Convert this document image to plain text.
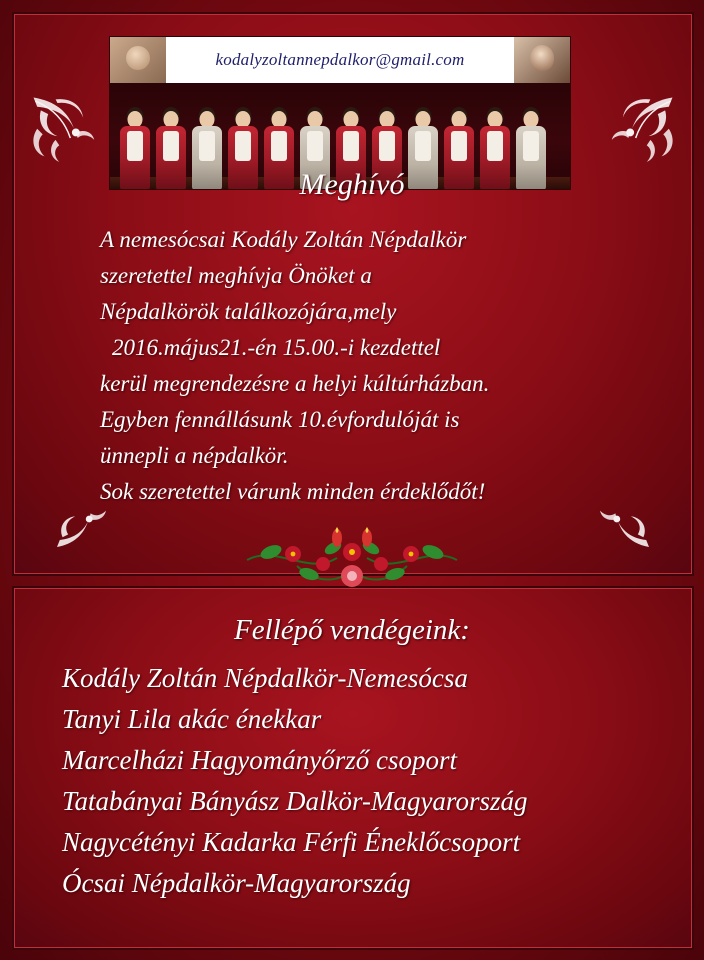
kodalyzoltannepdalkor@gmail.com
Meghívó

A nemesócsai Kodály Zoltán Népdalkör

szeretettel meghívja Önöket a

Népdalkörök találkozójára,mely

2016.május21.-én 15.00.-i kezdettel

kerül megrendezésre a helyi kúltúrházban.

Egyben fennállásunk 10.évfordulóját is

ünnepli a népdalkör.

Sok szeretettel várunk minden érdeklődőt!

Fellépő vendégeink:
Kodály Zoltán Népdalkör-Nemesócsa
Tanyi Lila akác énekkar
Marcelházi Hagyományőrző csoport
Tatabányai Bányász Dalkör-Magyarország
Nagycétényi Kadarka Férfi Éneklőcsoport
Ócsai Népdalkör-Magyarország
